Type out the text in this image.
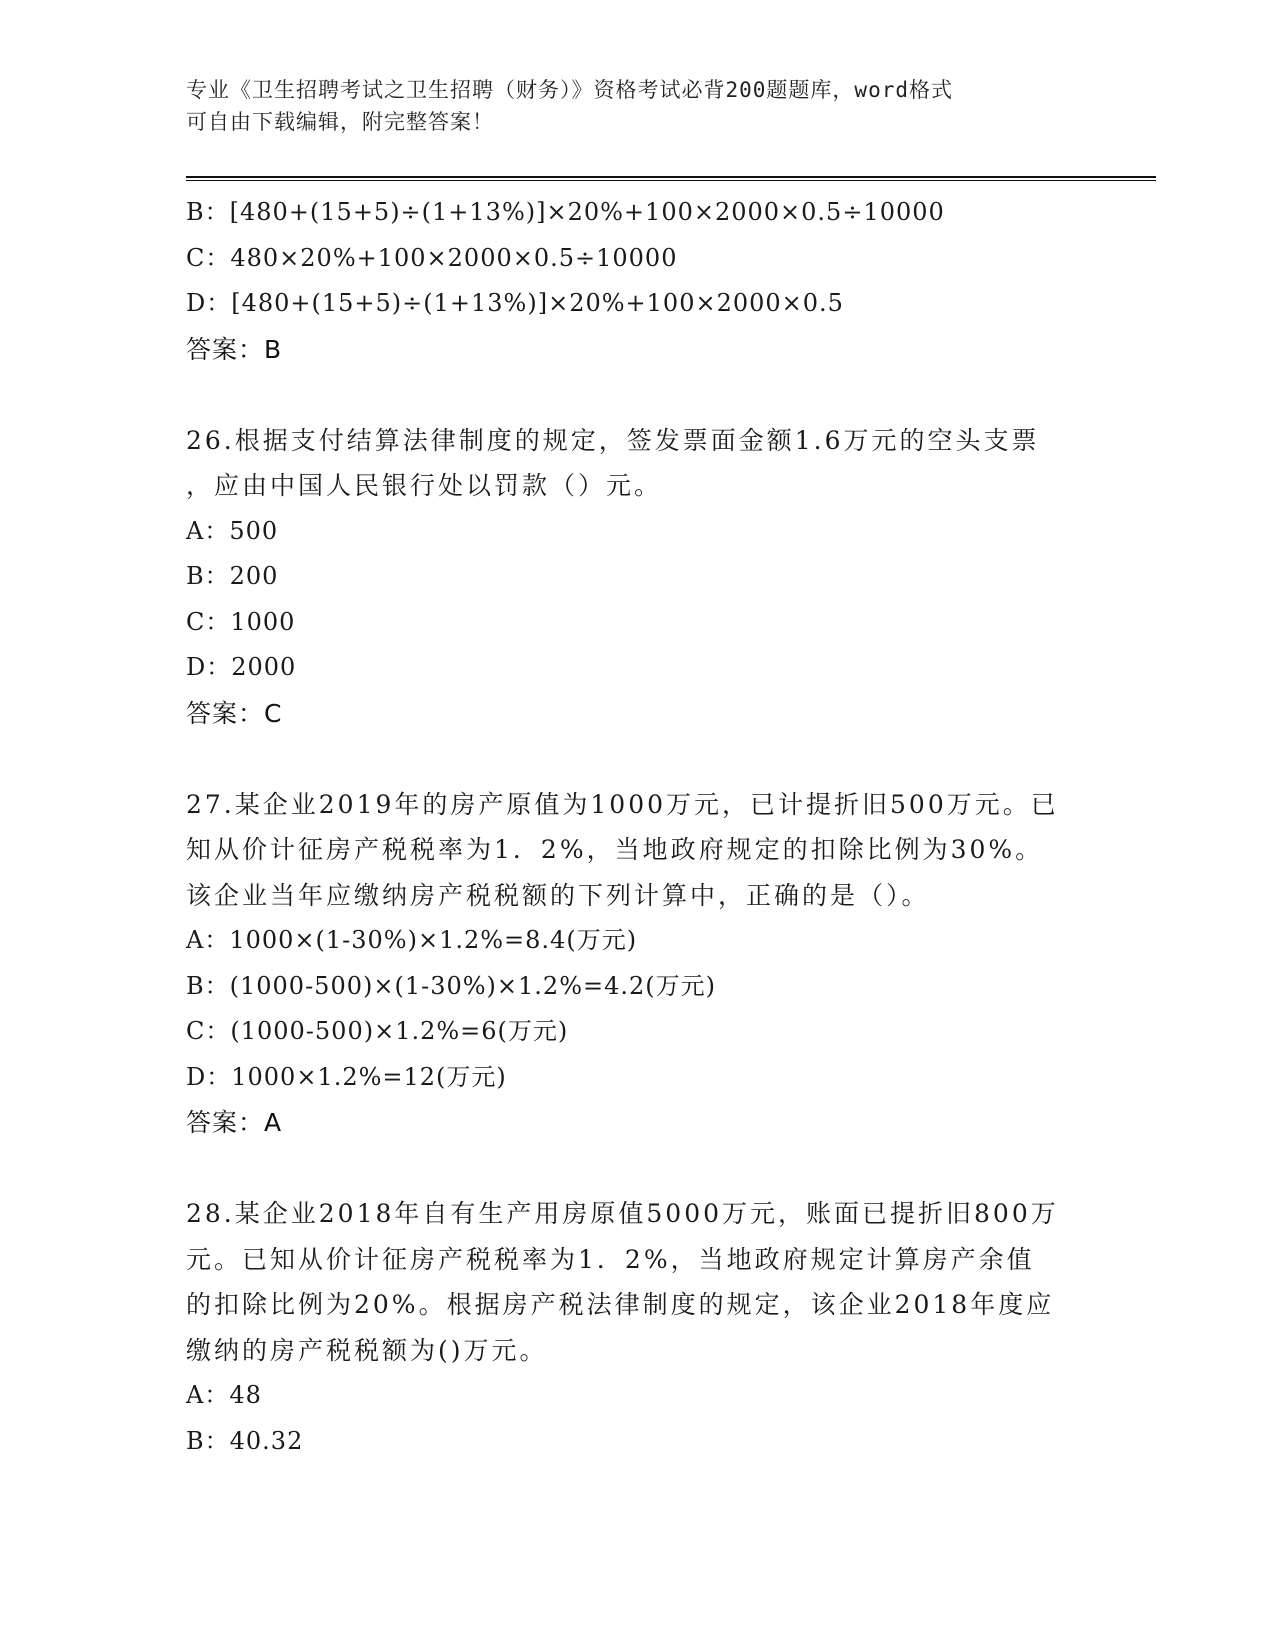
专业《卫生招聘考试之卫生招聘（财务）》资格考试必背200题题库，word格式
可自由下载编辑，附完整答案！
B：[480+(15+5)÷(1+13%)]×20%+100×2000×0.5÷10000
C：480×20%+100×2000×0.5÷10000
D：[480+(15+5)÷(1+13%)]×20%+100×2000×0.5
答案：B
26.根据支付结算法律制度的规定，签发票面金额1.6万元的空头支票
，应由中国人民银行处以罚款（）元。
A：500
B：200
C：1000
D：2000
答案：C
27.某企业2019年的房产原值为1000万元，已计提折旧500万元。已
知从价计征房产税税率为1．2%，当地政府规定的扣除比例为30%。
该企业当年应缴纳房产税税额的下列计算中，正确的是（）。
A：1000×(1-30%)×1.2%=8.4(万元)
B：(1000-500)×(1-30%)×1.2%=4.2(万元)
C：(1000-500)×1.2%=6(万元)
D：1000×1.2%=12(万元)
答案：A
28.某企业2018年自有生产用房原值5000万元，账面已提折旧800万
元。已知从价计征房产税税率为1．2%，当地政府规定计算房产余值
的扣除比例为20%。根据房产税法律制度的规定，该企业2018年度应
缴纳的房产税税额为()万元。
A：48
B：40.32
